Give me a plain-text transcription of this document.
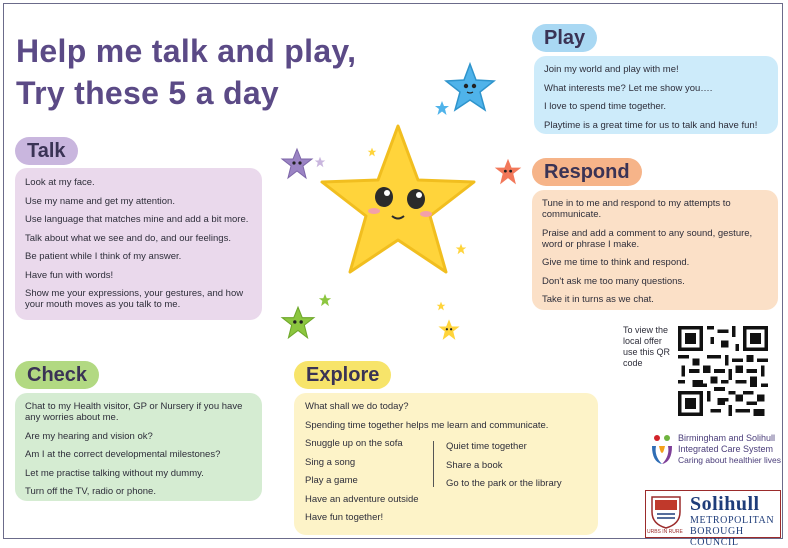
Help me talk and play,
Try these 5 a day

Join my world and play with me!

What interests me? Let me show you….

I love to spend time together.

Playtime is a great time for us to talk and have fun!

Play

Look at my face.

Use my name and get my attention.

Use language that matches mine and add a bit more.

Talk about what we see and do, and our feelings.

Be patient while I think of my answer.

Have fun with words!

Show me your expressions, your gestures, and how your mouth moves as you talk to me.

Talk

Tune in to me and respond to my attempts to communicate.

Praise and add a comment to any sound, gesture, word or phrase I make.

Give me time to think and respond.

Don't ask me too many questions.

Take it in turns as we chat.

Respond

Chat to my Health visitor, GP or Nursery if you have any worries about me.

Are my hearing and vision ok?

Am I at the correct developmental milestones?

Let me practise talking without my dummy.

Turn off the TV, radio or phone.

Check

What shall we do today?

Spending time together helps me learn and communicate.

Snuggle up on the sofa

Sing a song

Play a game

Have an adventure outside

Have fun together!

Quiet time together

Share a book

Go to the park or the library

Explore
To view the local offer use this QR code
Birmingham and Solihull
Integrated Care System
Caring about healthier lives
URBS IN RURE
Solihull
METROPOLITAN
BOROUGH COUNCIL
